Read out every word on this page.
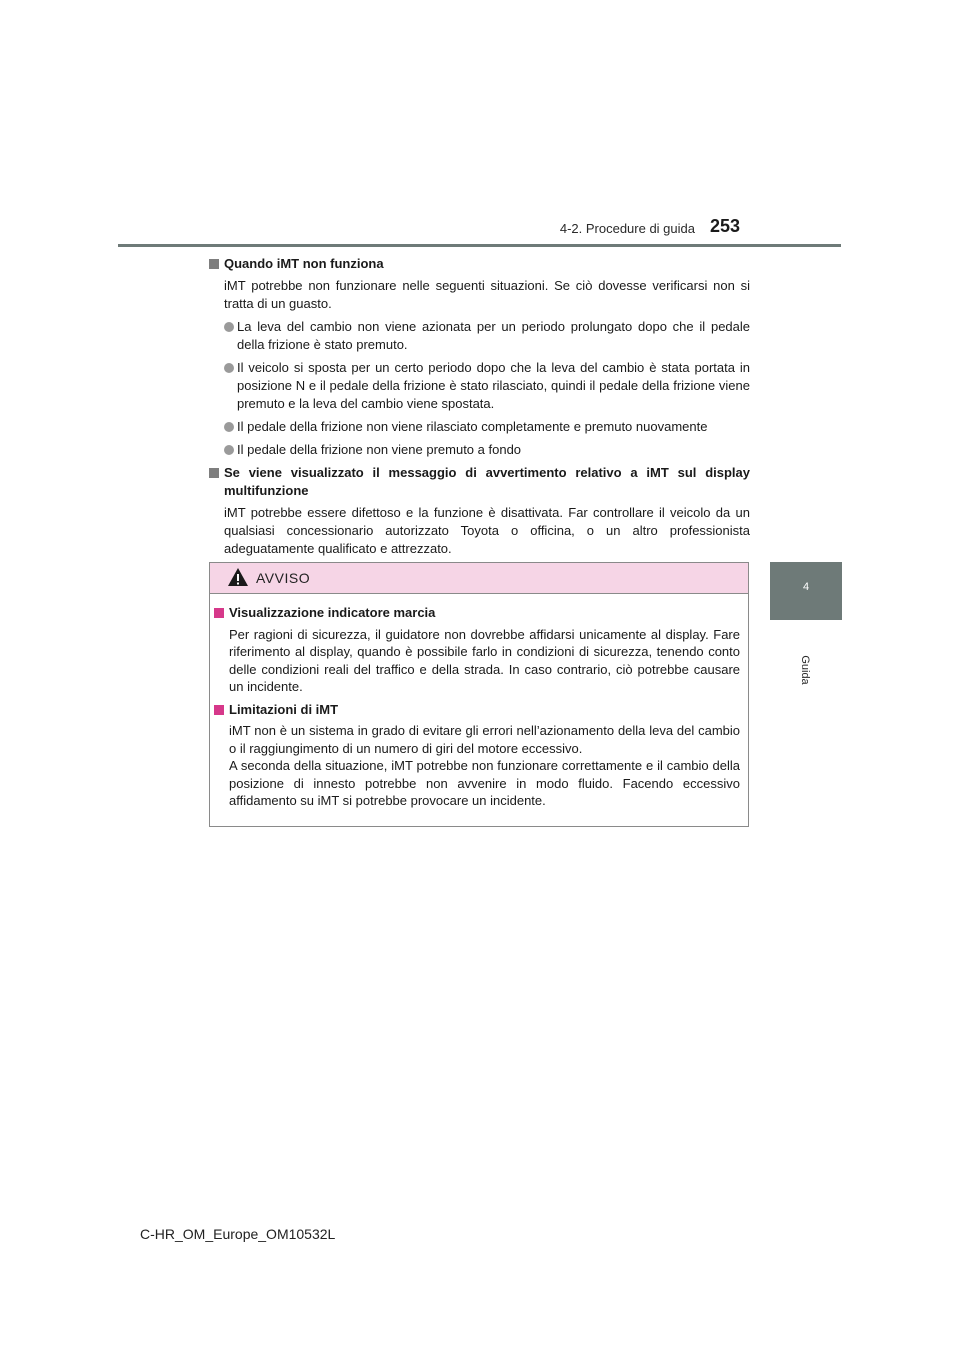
4-2. Procedure di guida 253
4
Guida
Quando iMT non funziona

iMT potrebbe non funzionare nelle seguenti situazioni. Se ciò dovesse verificarsi non si tratta di un guasto.

La leva del cambio non viene azionata per un periodo prolungato dopo che il pedale della frizione è stato premuto.
Il veicolo si sposta per un certo periodo dopo che la leva del cambio è stata portata in posizione N e il pedale della frizione è stato rilasciato, quindi il pedale della frizione viene premuto e la leva del cambio viene spostata.
Il pedale della frizione non viene rilasciato completamente e premuto nuovamente
Il pedale della frizione non viene premuto a fondo
Se viene visualizzato il messaggio di avvertimento relativo a iMT sul display multifunzione

iMT potrebbe essere difettoso e la funzione è disattivata. Far controllare il veicolo da un qualsiasi concessionario autorizzato Toyota o officina, o un altro professionista adeguatamente qualificato e attrezzato.

AVVISO
Visualizzazione indicatore marcia

Per ragioni di sicurezza, il guidatore non dovrebbe affidarsi unicamente al display. Fare riferimento al display, quando è possibile farlo in condizioni di sicurezza, tenendo conto delle condizioni reali del traffico e della strada. In caso contrario, ciò potrebbe causare un incidente.

Limitazioni di iMT

iMT non è un sistema in grado di evitare gli errori nell’azionamento della leva del cambio o il raggiungimento di un numero di giri del motore eccessivo.

A seconda della situazione, iMT potrebbe non funzionare correttamente e il cambio della posizione di innesto potrebbe non avvenire in modo fluido. Facendo eccessivo affidamento su iMT si potrebbe provocare un incidente.

C-HR_OM_Europe_OM10532L
